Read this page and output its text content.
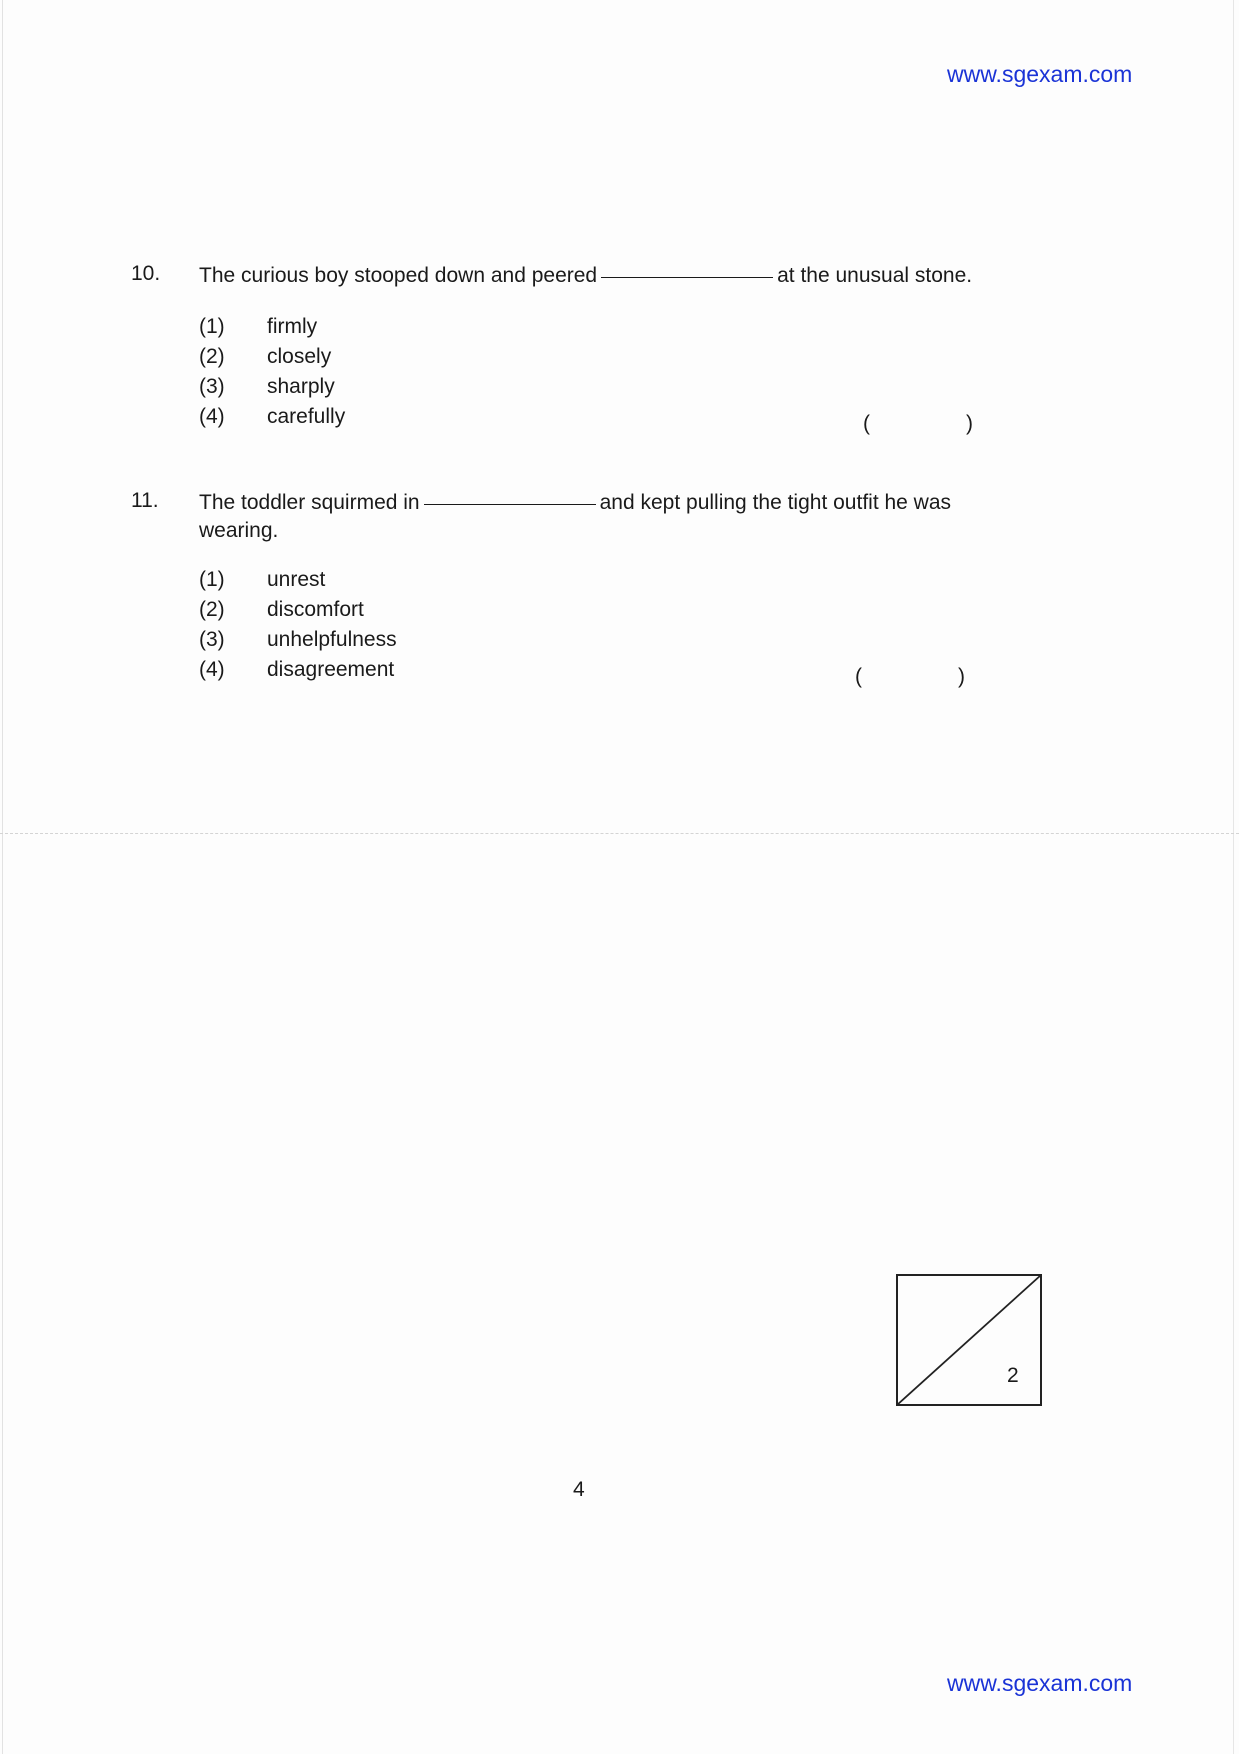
www.sgexam.com
10. The curious boy stooped down and peered	at the unusual stone.
(1)	firmly
(2)	closely
(3)	sharply
(4)	carefully	(	)
11. The toddler squirmed in	and kept pulling the tight outfit he was
wearing.
(1)	unrest
(2)	discomfort
(3)	unhelpfulness
(4)	disagreement	(	)
2
4
www.sgexam.com
